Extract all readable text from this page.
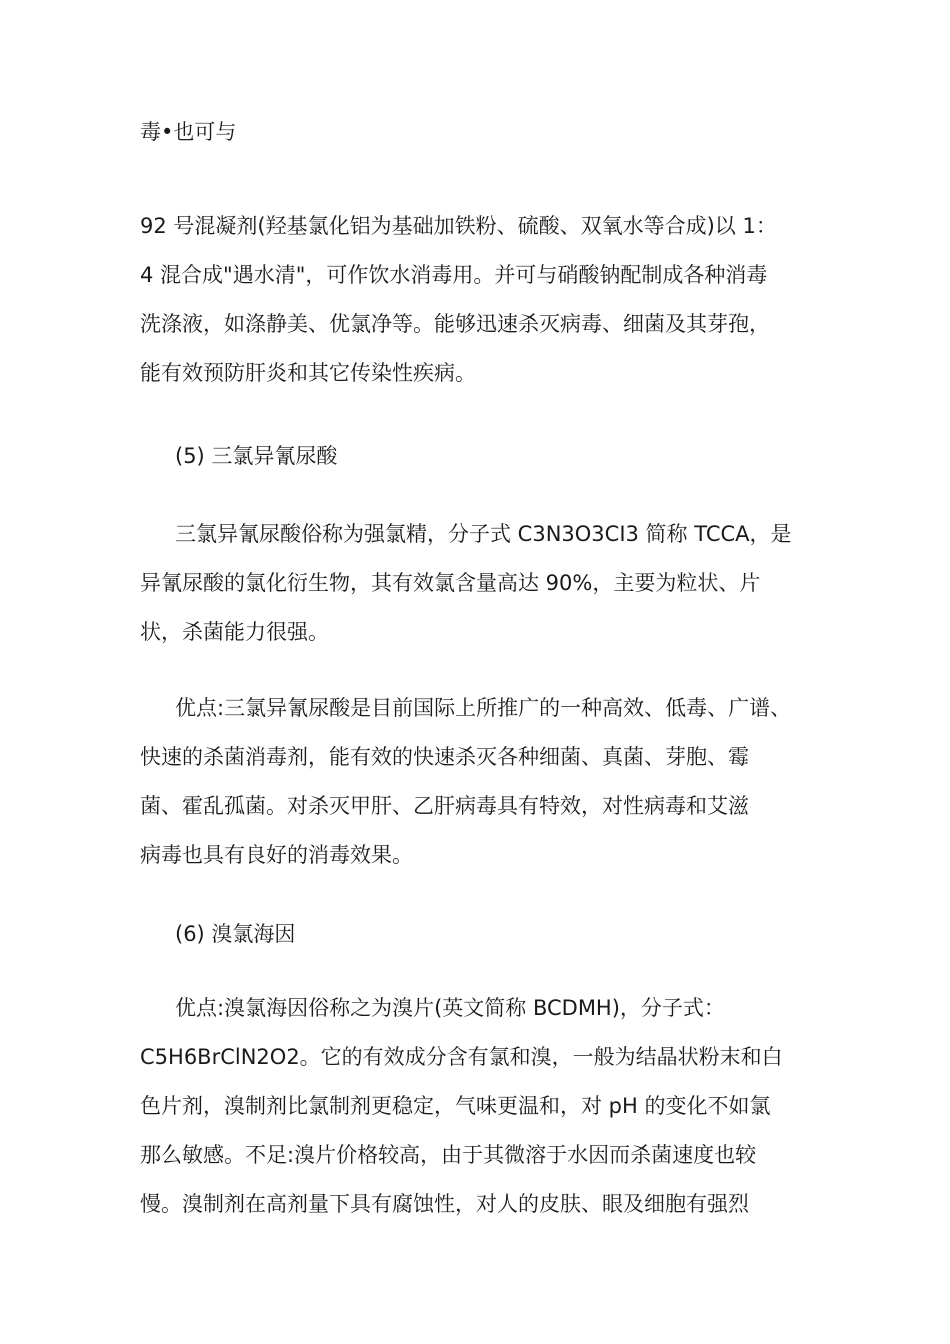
毒•也可与
92 号混凝剂(羟基氯化铝为基础加铁粉、硫酸、双氧水等合成)以 1：
4 混合成"遇水清"，可作饮水消毒用。并可与硝酸钠配制成各种消毒
洗涤液，如涤静美、优氯净等。能够迅速杀灭病毒、细菌及其芽孢，
能有效预防肝炎和其它传染性疾病。
(5) 三氯异氰尿酸
三氯异氰尿酸俗称为强氯精，分子式 C3N3O3CI3 简称 TCCA，是
异氰尿酸的氯化衍生物，其有效氯含量高达 90%，主要为粒状、片
状，杀菌能力很强。
优点:三氯异氰尿酸是目前国际上所推广的一种高效、低毒、广谱、
快速的杀菌消毒剂，能有效的快速杀灭各种细菌、真菌、芽胞、霉
菌、霍乱孤菌。对杀灭甲肝、乙肝病毒具有特效，对性病毒和艾滋
病毒也具有良好的消毒效果。
(6) 溴氯海因
优点:溴氯海因俗称之为溴片(英文简称 BCDMH)，分子式：
C5H6BrClN2O2。它的有效成分含有氯和溴，一般为结晶状粉末和白
色片剂，溴制剂比氯制剂更稳定，气味更温和，对 pH 的变化不如氯
那么敏感。不足:溴片价格较高，由于其微溶于水因而杀菌速度也较
慢。溴制剂在高剂量下具有腐蚀性，对人的皮肤、眼及细胞有强烈
